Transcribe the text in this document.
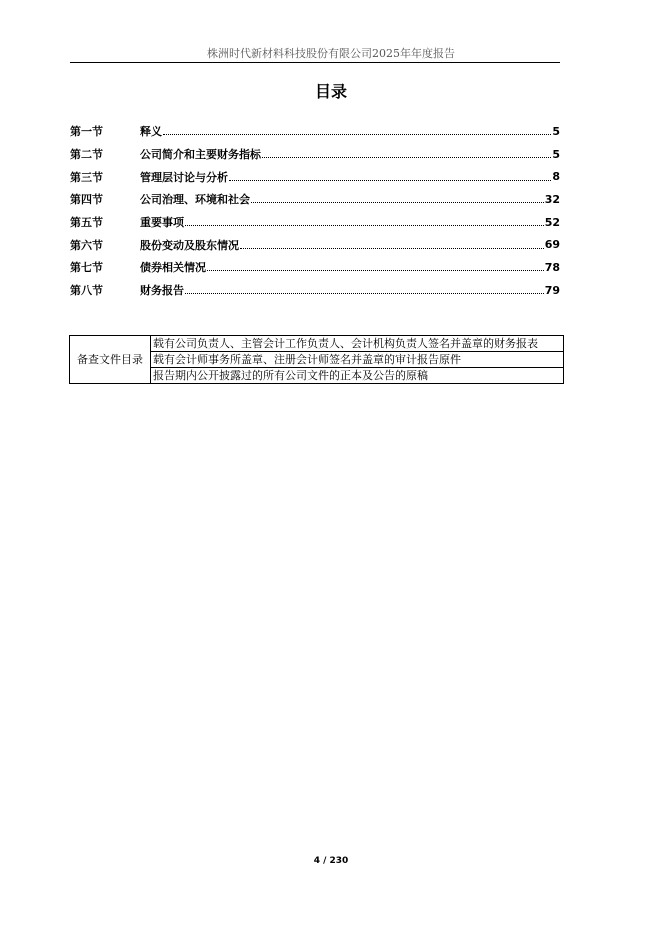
株洲时代新材料科技股份有限公司2025年年度报告
目录
第一节	释义	5
第二节	公司简介和主要财务指标	5
第三节	管理层讨论与分析	8
第四节	公司治理、环境和社会	32
第五节	重要事项	52
第六节	股份变动及股东情况	69
第七节	债券相关情况	78
第八节	财务报告	79
备查文件目录	载有公司负责人、主管会计工作负责人、会计机构负责人签名并盖章的财务报表
载有会计师事务所盖章、注册会计师签名并盖章的审计报告原件
报告期内公开披露过的所有公司文件的正本及公告的原稿
4 / 230
